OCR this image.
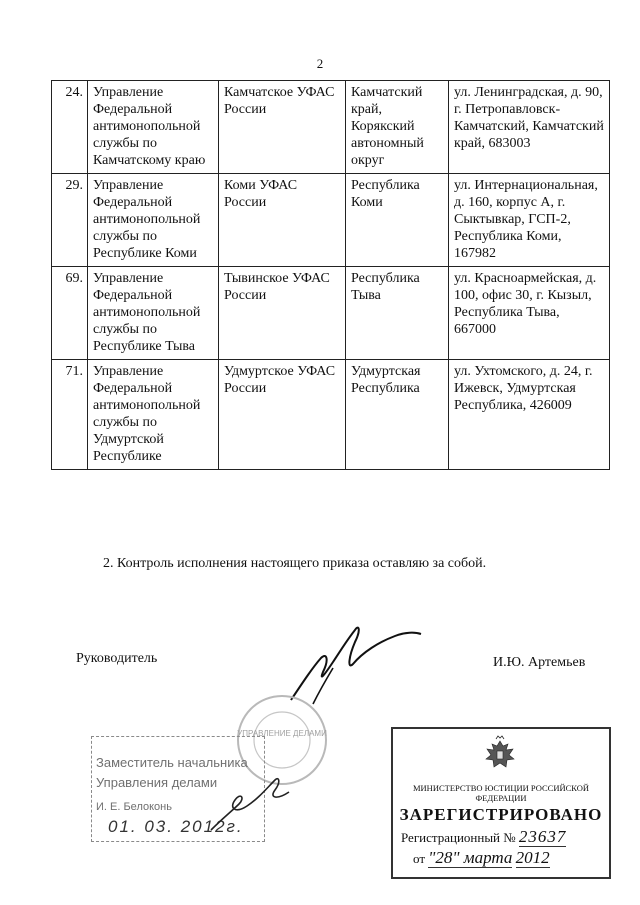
2
24.	Управление Федеральной антимонопольной службы по Камчатскому краю	Камчатское УФАС России	Камчатский край, Корякский автономный округ	ул. Ленинградская, д. 90, г. Петропавловск-Камчатский, Камчатский край, 683003
29.	Управление Федеральной антимонопольной службы по Республике Коми	Коми УФАС России	Республика Коми	ул. Интернациональная, д. 160, корпус А, г. Сыктывкар, ГСП-2, Республика Коми, 167982
69.	Управление Федеральной антимонопольной службы по Республике Тыва	Тывинское УФАС России	Республика Тыва	ул. Красноармейская, д. 100, офис 30, г. Кызыл, Республика Тыва, 667000
71.	Управление Федеральной антимонопольной службы по Удмуртской Республике	Удмуртское УФАС России	Удмуртская Республика	ул. Ухтомского, д. 24, г. Ижевск, Удмуртская Республика, 426009
2. Контроль исполнения настоящего приказа оставляю за собой.
Руководитель	И.Ю. Артемьев
УПРАВЛЕНИЕ ДЕЛАМИ
Заместитель начальника
Управления делами
И. Е. Белоконь
01. 03. 2012г.
МИНИСТЕРСТВО ЮСТИЦИИ РОССИЙСКОЙ ФЕДЕРАЦИИ
ЗАРЕГИСТРИРОВАНО
Регистрационный № 23637
от "28" марта 2012
